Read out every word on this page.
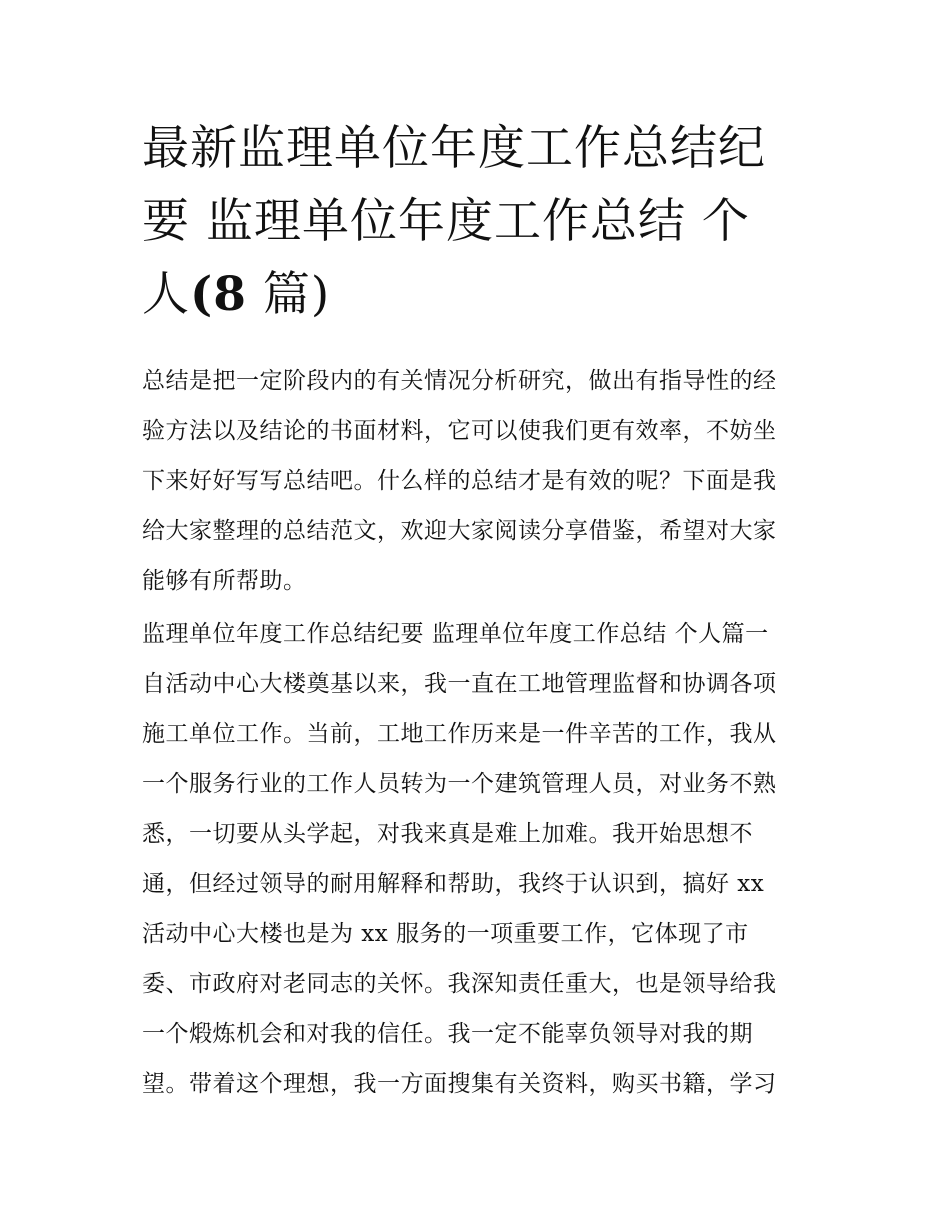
最新监理单位年度工作总结纪
要 监理单位年度工作总结 个
人(8 篇)

总结是把一定阶段内的有关情况分析研究，做出有指导性的经

验方法以及结论的书面材料，它可以使我们更有效率，不妨坐

下来好好写写总结吧。什么样的总结才是有效的呢？下面是我

给大家整理的总结范文，欢迎大家阅读分享借鉴，希望对大家

能够有所帮助。

监理单位年度工作总结纪要 监理单位年度工作总结 个人篇一

自活动中心大楼奠基以来，我一直在工地管理监督和协调各项

施工单位工作。当前，工地工作历来是一件辛苦的工作，我从

一个服务行业的工作人员转为一个建筑管理人员，对业务不熟

悉，一切要从头学起，对我来真是难上加难。我开始思想不

通，但经过领导的耐用解释和帮助，我终于认识到，搞好 xx

活动中心大楼也是为 xx 服务的一项重要工作，它体现了市

委、市政府对老同志的关怀。我深知责任重大，也是领导给我

一个煅炼机会和对我的信任。我一定不能辜负领导对我的期

望。带着这个理想，我一方面搜集有关资料，购买书籍，学习
